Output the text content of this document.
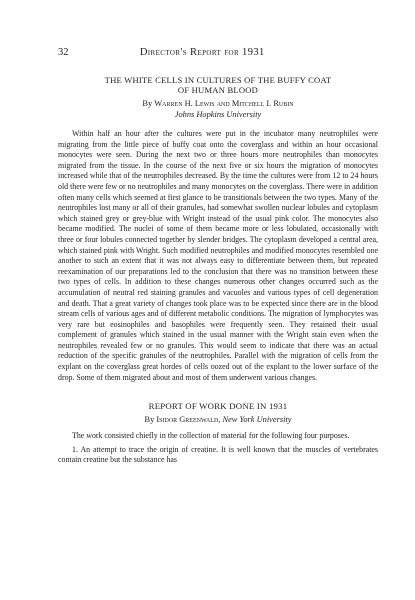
32	Director's Report for 1931
THE WHITE CELLS IN CULTURES OF THE BUFFY COAT
OF HUMAN BLOOD
By Warren H. Lewis and Mitchell I. Rubin
Johns Hopkins University

Within half an hour after the cultures were put in the incubator many neutrophiles were migrating from the little piece of buffy coat onto the coverglass and within an hour occasional monocytes were seen. During the next two or three hours more neutrophiles than monocytes migrated from the tissue. In the course of the next five or six hours the migration of monocytes increased while that of the neutrophiles decreased. By the time the cultures were from 12 to 24 hours old there were few or no neutrophiles and many monocytes on the coverglass. There were in addition often many cells which seemed at first glance to be transitionals between the two types. Many of the neutrophiles lost many or all of their granules, had somewhat swollen nuclear lobules and cytoplasm which stained grey or grey-blue with Wright instead of the usual pink color. The monocytes also became modified. The nuclei of some of them became more or less lobulated, occasionally with three or four lobules connected together by slender bridges. The cytoplasm developed a central area, which stained pink with Wright. Such modified neutrophiles and modified monocytes resembled one another to such an extent that it was not always easy to differentiate between them, but repeated reexamination of our preparations led to the conclusion that there was no transition between these two types of cells. In addition to these changes numerous other changes occurred such as the accumulation of neutral red staining granules and vacuoles and various types of cell degeneration and death. That a great variety of changes took place was to be expected since there are in the blood stream cells of various ages and of different metabolic conditions. The migration of lymphocytes was very rare but eosinophiles and basophiles were frequently seen. They retained their usual complement of granules which stained in the usual manner with the Wright stain even when the neutrophiles revealed few or no granules. This would seem to indicate that there was an actual reduction of the specific granules of the neutrophiles. Parallel with the migration of cells from the explant on the coverglass great hordes of cells oozed out of the explant to the lower surface of the drop. Some of them migrated about and most of them underwent various changes.

REPORT OF WORK DONE IN 1931
By Isidor Greenwald, New York University

The work consisted chiefly in the collection of material for the following four purposes.

1. An attempt to trace the origin of creatine. It is well known that the muscles of vertebrates contain creatine but the substance has
